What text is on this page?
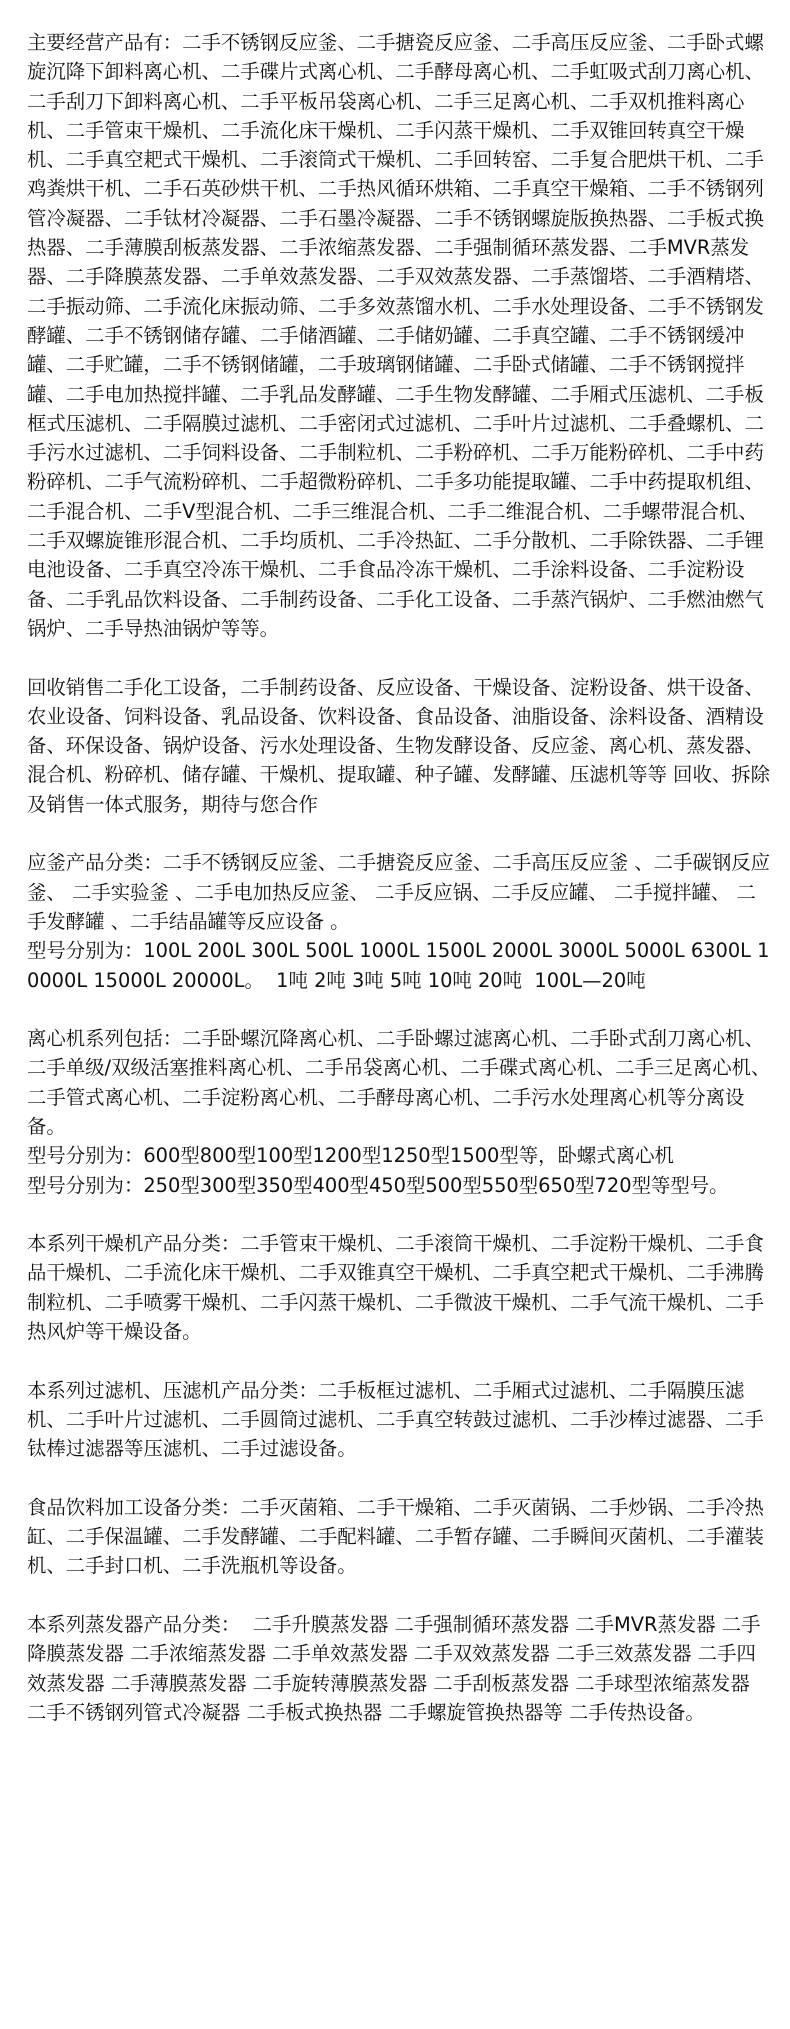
主要经营产品有：二手不锈钢反应釜、二手搪瓷反应釜、二手高压反应釜、二手卧式螺旋沉降下卸料离心机、二手碟片式离心机、二手酵母离心机、二手虹吸式刮刀离心机、二手刮刀下卸料离心机、二手平板吊袋离心机、二手三足离心机、二手双机推料离心机、二手管束干燥机、二手流化床干燥机、二手闪蒸干燥机、二手双锥回转真空干燥机、二手真空耙式干燥机、二手滚筒式干燥机、二手回转窑、二手复合肥烘干机、二手鸡粪烘干机、二手石英砂烘干机、二手热风循环烘箱、二手真空干燥箱、二手不锈钢列管冷凝器、二手钛材冷凝器、二手石墨冷凝器、二手不锈钢螺旋版换热器、二手板式换热器、二手薄膜刮板蒸发器、二手浓缩蒸发器、二手强制循环蒸发器、二手MVR蒸发器、二手降膜蒸发器、二手单效蒸发器、二手双效蒸发器、二手蒸馏塔、二手酒精塔、二手振动筛、二手流化床振动筛、二手多效蒸馏水机、二手水处理设备、二手不锈钢发酵罐、二手不锈钢储存罐、二手储酒罐、二手储奶罐、二手真空罐、二手不锈钢缓冲罐、二手贮罐，二手不锈钢储罐，二手玻璃钢储罐、二手卧式储罐、二手不锈钢搅拌罐、二手电加热搅拌罐、二手乳品发酵罐、二手生物发酵罐、二手厢式压滤机、二手板框式压滤机、二手隔膜过滤机、二手密闭式过滤机、二手叶片过滤机、二手叠螺机、二手污水过滤机、二手饲料设备、二手制粒机、二手粉碎机、二手万能粉碎机、二手中药粉碎机、二手气流粉碎机、二手超微粉碎机、二手多功能提取罐、二手中药提取机组、二手混合机、二手V型混合机、二手三维混合机、二手二维混合机、二手螺带混合机、二手双螺旋锥形混合机、二手均质机、二手冷热缸、二手分散机、二手除铁器、二手锂电池设备、二手真空冷冻干燥机、二手食品冷冻干燥机、二手涂料设备、二手淀粉设备、二手乳品饮料设备、二手制药设备、二手化工设备、二手蒸汽锅炉、二手燃油燃气锅炉、二手导热油锅炉等等。
回收销售二手化工设备，二手制药设备、反应设备、干燥设备、淀粉设备、烘干设备、农业设备、饲料设备、乳品设备、饮料设备、食品设备、油脂设备、涂料设备、酒精设备、环保设备、锅炉设备、污水处理设备、生物发酵设备、反应釜、离心机、蒸发器、混合机、粉碎机、储存罐、干燥机、提取罐、种子罐、发酵罐、压滤机等等 回收、拆除及销售一体式服务，期待与您合作
应釜产品分类：二手不锈钢反应釜、二手搪瓷反应釜、二手高压反应釜 、二手碳钢反应釜、 二手实验釜 、二手电加热反应釜、 二手反应锅、二手反应罐、 二手搅拌罐、 二手发酵罐 、二手结晶罐等反应设备 。
型号分别为：100L 200L 300L 500L 1000L 1500L 2000L 3000L 5000L 6300L 10000L 15000L 20000L。  1吨 2吨 3吨 5吨 10吨 20吨  100L—20吨
离心机系列包括：二手卧螺沉降离心机、二手卧螺过滤离心机、二手卧式刮刀离心机、二手单级/双级活塞推料离心机、二手吊袋离心机、二手碟式离心机、二手三足离心机、二手管式离心机、二手淀粉离心机、二手酵母离心机、二手污水处理离心机等分离设备。
型号分别为：600型800型100型1200型1250型1500型等，卧螺式离心机
型号分别为：250型300型350型400型450型500型550型650型720型等型号。
本系列干燥机产品分类：二手管束干燥机、二手滚筒干燥机、二手淀粉干燥机、二手食品干燥机、二手流化床干燥机、二手双锥真空干燥机、二手真空耙式干燥机、二手沸腾制粒机、二手喷雾干燥机、二手闪蒸干燥机、二手微波干燥机、二手气流干燥机、二手热风炉等干燥设备。
本系列过滤机、压滤机产品分类：二手板框过滤机、二手厢式过滤机、二手隔膜压滤机、二手叶片过滤机、二手圆筒过滤机、二手真空转鼓过滤机、二手沙棒过滤器、二手钛棒过滤器等压滤机、二手过滤设备。
食品饮料加工设备分类：二手灭菌箱、二手干燥箱、二手灭菌锅、二手炒锅、二手冷热缸、二手保温罐、二手发酵罐、二手配料罐、二手暂存罐、二手瞬间灭菌机、二手灌装机、二手封口机、二手洗瓶机等设备。
本系列蒸发器产品分类：  二手升膜蒸发器 二手强制循环蒸发器 二手MVR蒸发器 二手降膜蒸发器 二手浓缩蒸发器 二手单效蒸发器 二手双效蒸发器 二手三效蒸发器 二手四效蒸发器 二手薄膜蒸发器 二手旋转薄膜蒸发器 二手刮板蒸发器 二手球型浓缩蒸发器 二手不锈钢列管式冷凝器 二手板式换热器 二手螺旋管换热器等 二手传热设备。
